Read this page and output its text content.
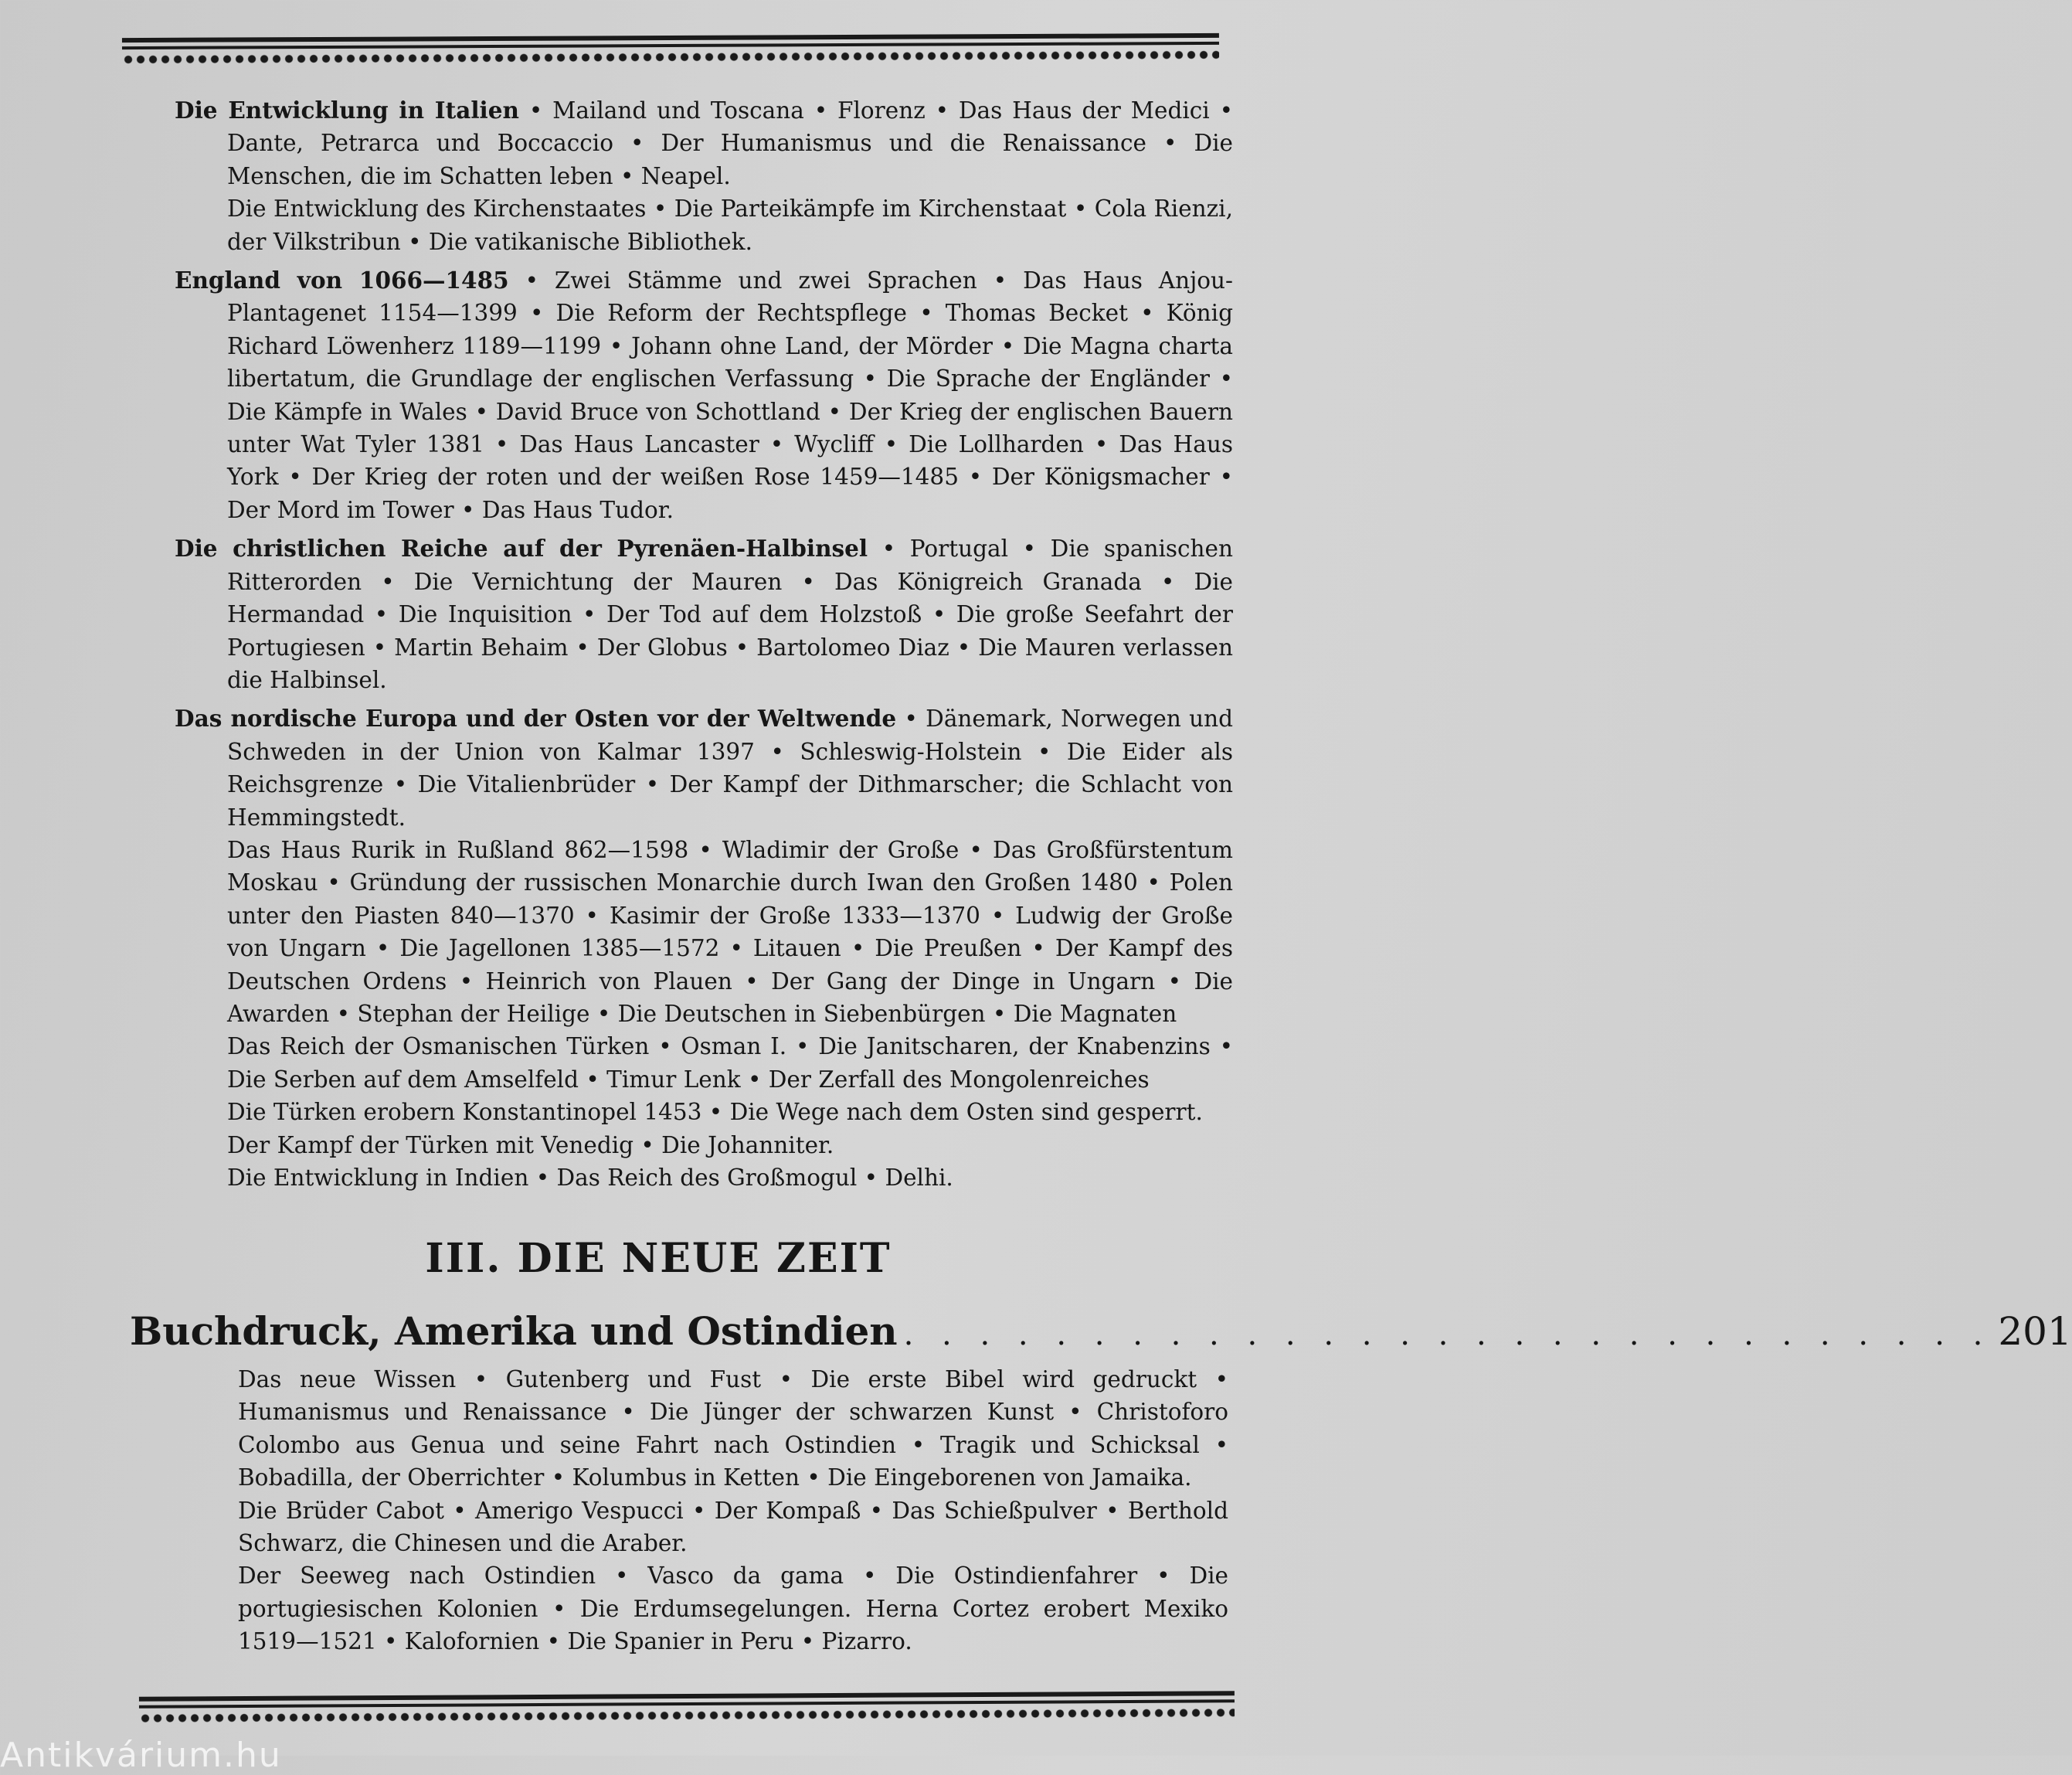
Die Entwicklung in Italien • Mailand und Toscana • Florenz • Das Haus der Medici • Dante, Petrarca und Boccaccio • Der Humanismus und die Renaissance • Die Menschen, die im Schatten leben • Neapel.

Die Entwicklung des Kirchenstaates • Die Parteikämpfe im Kirchenstaat • Cola Rienzi, der Vilkstribun • Die vatikanische Bibliothek.

England von 1066—1485 • Zwei Stämme und zwei Sprachen • Das Haus Anjou-Plantagenet 1154—1399 • Die Reform der Rechtspflege • Thomas Becket • König Richard Löwenherz 1189—1199 • Johann ohne Land, der Mörder • Die Magna charta libertatum, die Grundlage der englischen Verfassung • Die Sprache der Engländer • Die Kämpfe in Wales • David Bruce von Schottland • Der Krieg der englischen Bauern unter Wat Tyler 1381 • Das Haus Lancaster • Wycliff • Die Lollharden • Das Haus York • Der Krieg der roten und der weißen Rose 1459—1485 • Der Königsmacher • Der Mord im Tower • Das Haus Tudor.

Die christlichen Reiche auf der Pyrenäen-Halbinsel • Portugal • Die spanischen Ritterorden • Die Vernichtung der Mauren • Das Königreich Granada • Die Hermandad • Die Inquisition • Der Tod auf dem Holzstoß • Die große Seefahrt der Portugiesen • Martin Behaim • Der Globus • Bartolomeo Diaz • Die Mauren verlassen die Halbinsel.

Das nordische Europa und der Osten vor der Weltwende • Dänemark, Norwegen und Schweden in der Union von Kalmar 1397 • Schleswig-Holstein • Die Eider als Reichsgrenze • Die Vitalienbrüder • Der Kampf der Dithmarscher; die Schlacht von Hemmingstedt.

Das Haus Rurik in Rußland 862—1598 • Wladimir der Große • Das Großfürstentum Moskau • Gründung der russischen Monarchie durch Iwan den Großen 1480 • Polen unter den Piasten 840—1370 • Kasimir der Große 1333—1370 • Ludwig der Große von Ungarn • Die Jagellonen 1385—1572 • Litauen • Die Preußen • Der Kampf des Deutschen Ordens • Heinrich von Plauen • Der Gang der Dinge in Ungarn • Die Awarden • Stephan der Heilige • Die Deutschen in Siebenbürgen • Die Magnaten

Das Reich der Osmanischen Türken • Osman I. • Die Janitscharen, der Knabenzins • Die Serben auf dem Amselfeld • Timur Lenk • Der Zerfall des Mongolenreiches

Die Türken erobern Konstantinopel 1453 • Die Wege nach dem Osten sind gesperrt.

Der Kampf der Türken mit Venedig • Die Johanniter.

Die Entwicklung in Indien • Das Reich des Großmogul • Delhi.

III. DIE NEUE ZEIT
Buchdruck, Amerika und Ostindien . . . . . . . . . . . . . . . . . . . . . . . . . . . . . 201

Das neue Wissen • Gutenberg und Fust • Die erste Bibel wird gedruckt • Humanismus und Renaissance • Die Jünger der schwarzen Kunst • Christoforo Colombo aus Genua und seine Fahrt nach Ostindien • Tragik und Schicksal • Bobadilla, der Oberrichter • Kolumbus in Ketten • Die Eingeborenen von Jamaika.

Die Brüder Cabot • Amerigo Vespucci • Der Kompaß • Das Schießpulver • Berthold Schwarz, die Chinesen und die Araber.

Der Seeweg nach Ostindien • Vasco da gama • Die Ostindienfahrer • Die portugiesischen Kolonien • Die Erdumsegelungen. Herna Cortez erobert Mexiko 1519—1521 • Kalofornien • Die Spanier in Peru • Pizarro.

Antikvárium.hu
